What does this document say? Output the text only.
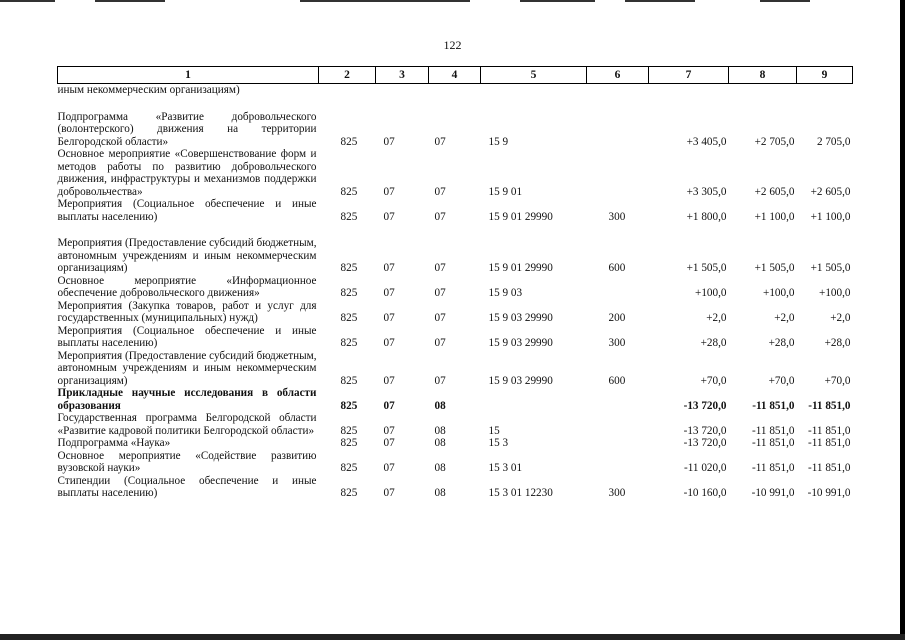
122
1	2	3	4	5	6	7	8	9
иным некоммерческим организациям)								

Подпрограмма «Развитие добровольческого (волонтерского) движения на территории Белгородской области»	825	07	07	15 9		+3 405,0	+2 705,0	2 705,0
Основное мероприятие «Совершенствование форм и методов работы по развитию добровольческого движения, инфраструктуры и механизмов поддержки добровольчества»	825	07	07	15 9 01		+3 305,0	+2 605,0	+2 605,0
Мероприятия (Социальное обеспечение и иные выплаты населению)	825	07	07	15 9 01 29990	300	+1 800,0	+1 100,0	+1 100,0

Мероприятия (Предоставление субсидий бюджетным, автономным учреждениям и иным некоммерческим организациям)	825	07	07	15 9 01 29990	600	+1 505,0	+1 505,0	+1 505,0
Основное мероприятие «Информационное обеспечение добровольческого движения»	825	07	07	15 9 03		+100,0	+100,0	+100,0
Мероприятия (Закупка товаров, работ и услуг для государственных (муниципальных) нужд)	825	07	07	15 9 03 29990	200	+2,0	+2,0	+2,0
Мероприятия (Социальное обеспечение и иные выплаты населению)	825	07	07	15 9 03 29990	300	+28,0	+28,0	+28,0
Мероприятия (Предоставление субсидий бюджетным, автономным учреждениям и иным некоммерческим организациям)	825	07	07	15 9 03 29990	600	+70,0	+70,0	+70,0
Прикладные научные исследования в области образования	825	07	08			-13 720,0	-11 851,0	-11 851,0
Государственная программа Белгородской области «Развитие кадровой политики Белгородской области»	825	07	08	15		-13 720,0	-11 851,0	-11 851,0
Подпрограмма «Наука»	825	07	08	15 3		-13 720,0	-11 851,0	-11 851,0
Основное мероприятие «Содействие развитию вузовской науки»	825	07	08	15 3 01		-11 020,0	-11 851,0	-11 851,0
Стипендии (Социальное обеспечение и иные выплаты населению)	825	07	08	15 3 01 12230	300	-10 160,0	-10 991,0	-10 991,0
